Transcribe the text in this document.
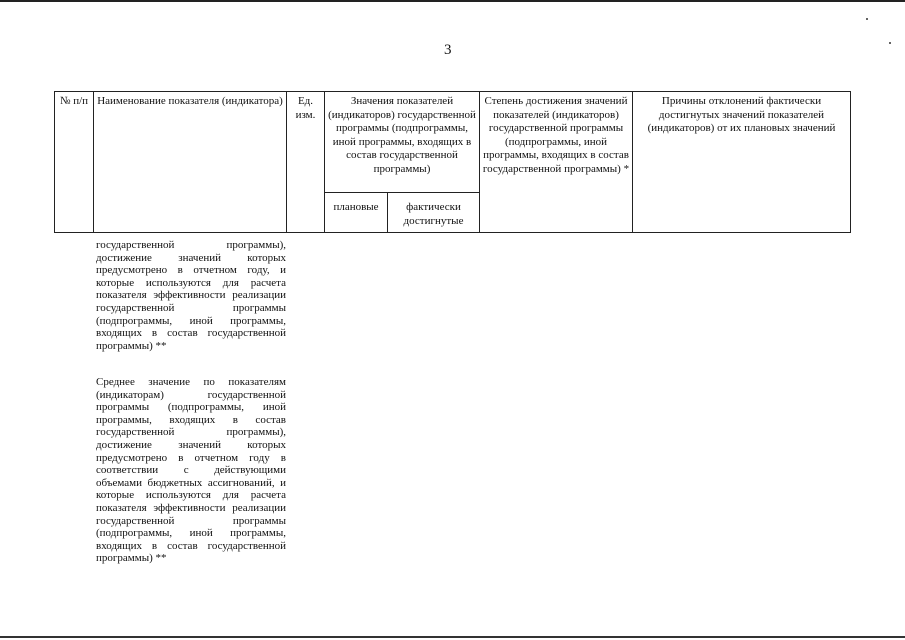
3
№ п/п	Наименование показателя (индикатора)	Ед. изм.	Значения показателей (индикаторов) государственной программы (подпрограммы, иной программы, входящих в состав государственной программы)		Степень достижения значений показателей (индикаторов) государственной программы (подпрограммы, иной программы, входящих в состав государственной программы) *	Причины отклонений фактически достигнутых значений показателей (индикаторов) от их плановых значений
			плановые	фактически достигнутые		
государственной программы), достижение значений которых предусмотрено в отчетном году, и которые используются для расчета показателя эффективности реализации государственной программы (подпрограммы, иной программы, входящих в состав государственной программы) **
Среднее значение по показателям (индикаторам) государственной программы (подпрограммы, иной программы, входящих в состав государственной программы), достижение значений которых предусмотрено в отчетном году в соответствии с действующими объемами бюджетных ассигнований, и которые используются для расчета показателя эффективности реализации государственной программы (подпрограммы, иной программы, входящих в состав государственной программы) **
